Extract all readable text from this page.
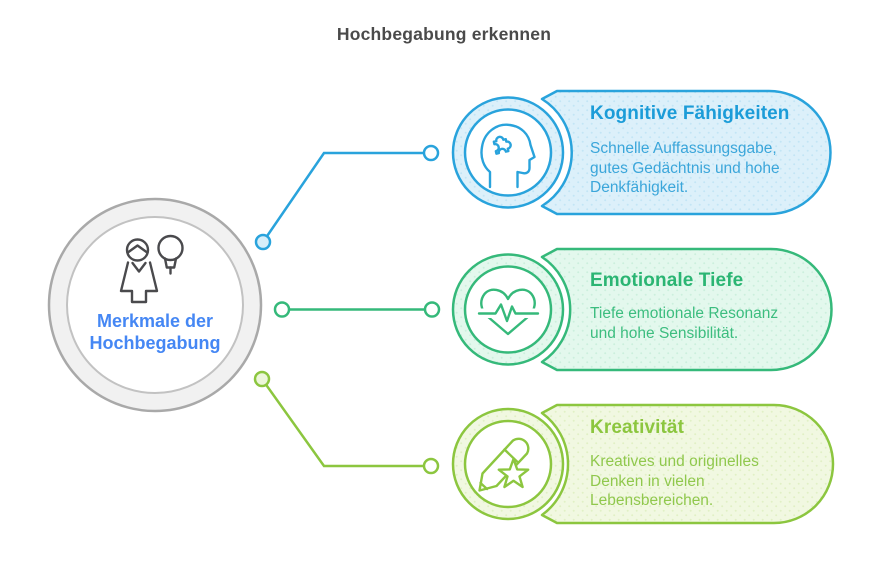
Hochbegabung erkennen
Merkmale der Hochbegabung
Kognitive Fähigkeiten
Schnelle Auffassungsgabe, gutes Gedächtnis und hohe Denkfähigkeit.
Emotionale Tiefe
Tiefe emotionale Resonanz und hohe Sensibilität.
Kreativität
Kreatives und originelles Denken in vielen Lebensbereichen.
